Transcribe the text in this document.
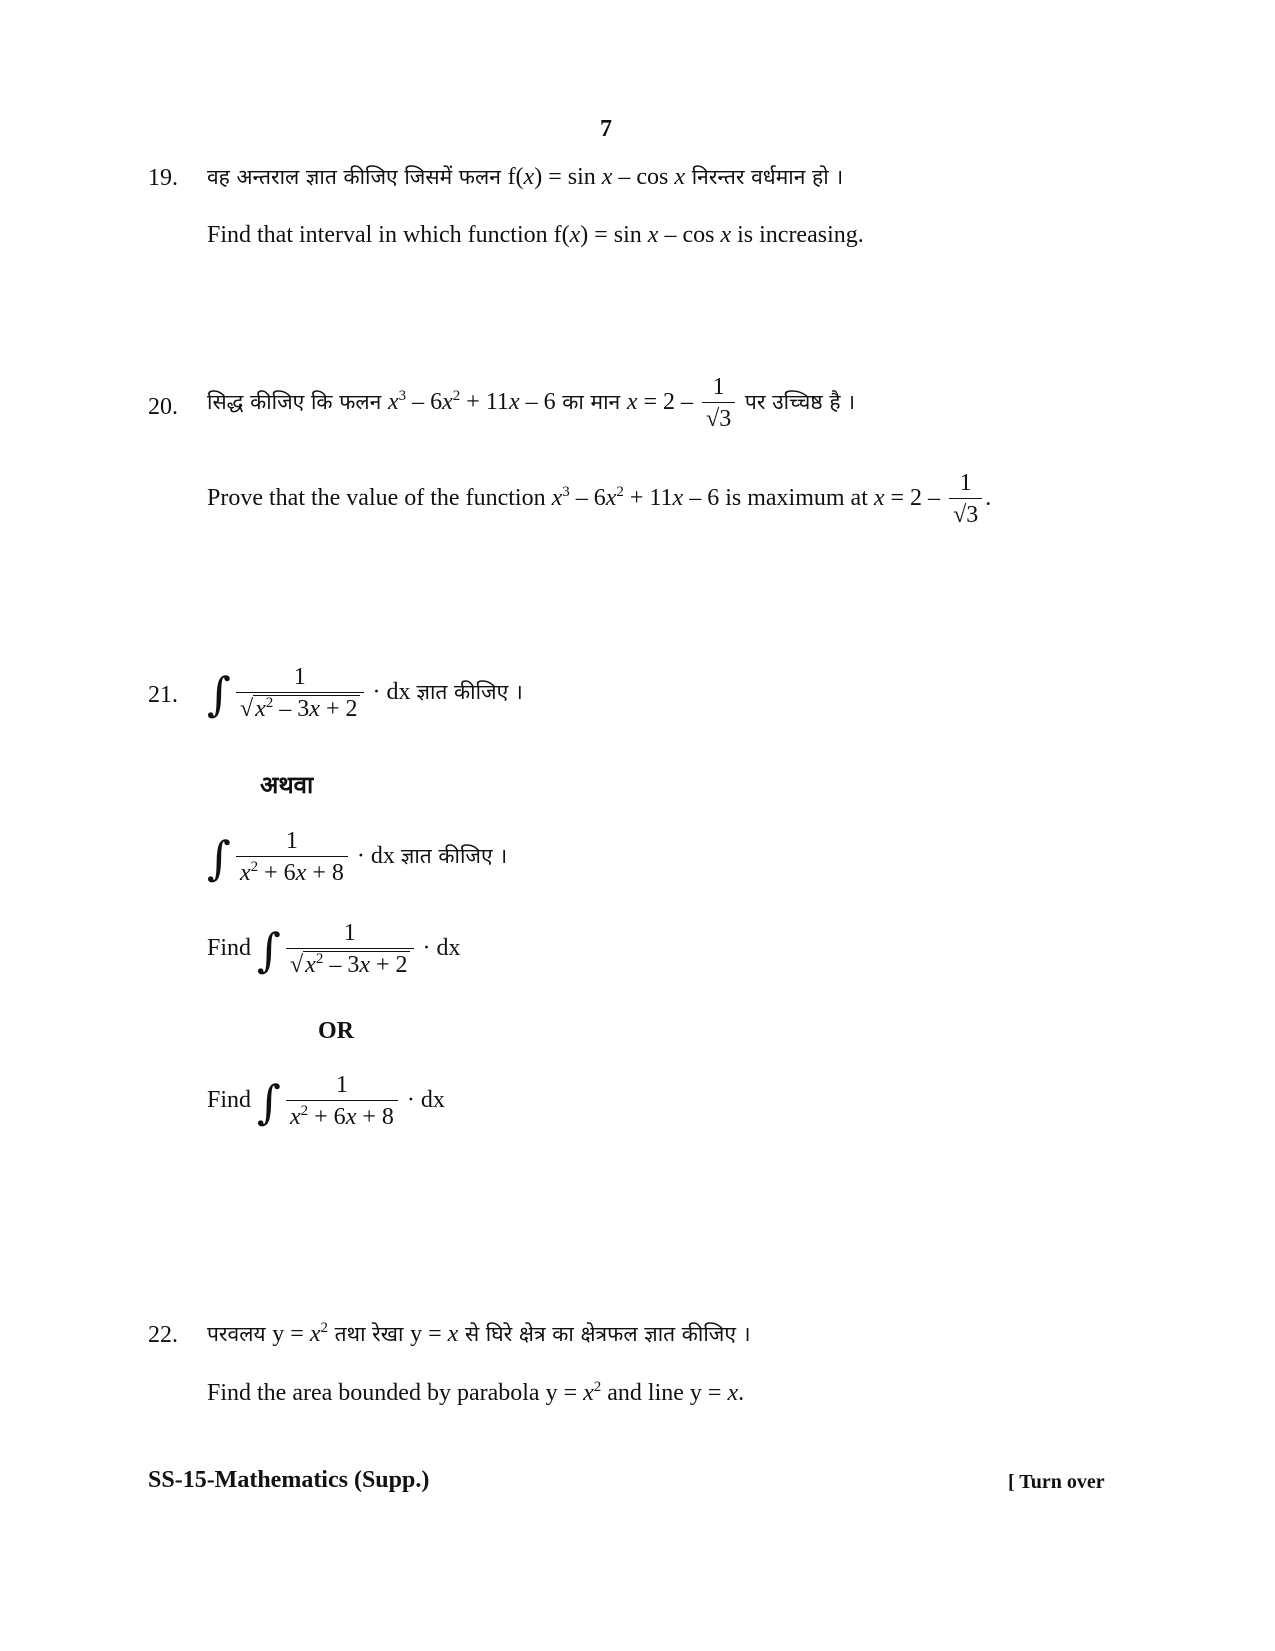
7
19. वह अन्तराल ज्ञात कीजिए जिसमें फलन f(x) = sin x – cos x निरन्तर वर्धमान हो ।
Find that interval in which function f(x) = sin x – cos x is increasing.
20. सिद्ध कीजिए कि फलन $x^3 - 6x^2 + 11x - 6$ का मान $x = 2 - \frac{1}{√3}$ पर उच्चिष्ठ है ।
Prove that the value of the function $x^3 - 6x^2 + 11x - 6$ is maximum at $x = 2 - \frac{1}{√3}$ .
21. ∫ $\frac{1}{√x^2 - 3x + 2}$ · dx ज्ञात कीजिए ।
अथवा
∫ $\frac{1}{x^2 + 6x + 8}$ · dx ज्ञात कीजिए ।
Find ∫ $\frac{1}{√x^2 - 3x + 2}$ · dx
OR
Find ∫ $\frac{1}{x^2 + 6x + 8}$ · dx
22. परवलय $y = x^2$ तथा रेखा y = x से घिरे क्षेत्र का क्षेत्रफल ज्ञात कीजिए ।
Find the area bounded by parabola $y = x^2$ and line y = x.
SS-15-Mathematics (Supp.)	[ Turn over
